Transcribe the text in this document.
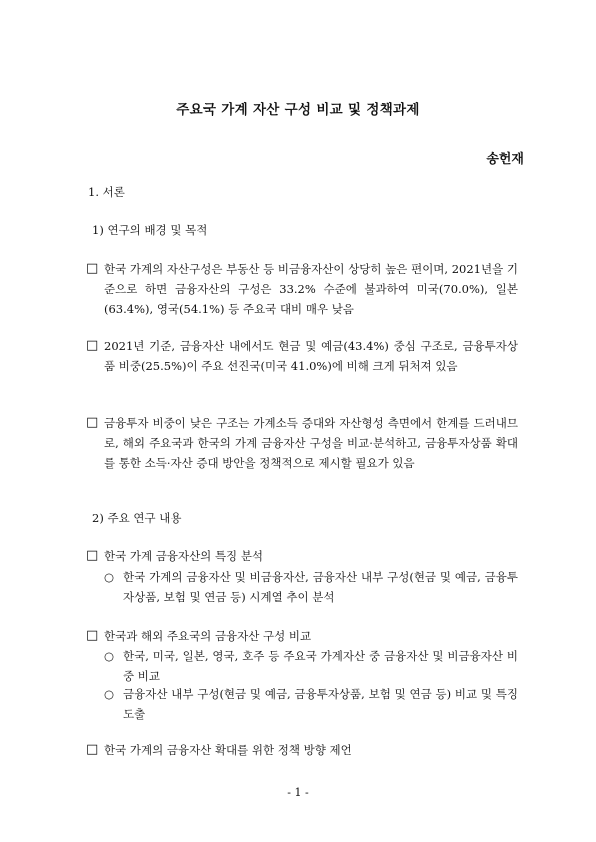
주요국 가계 자산 구성 비교 및 정책과제
송헌재
1. 서론
1) 연구의 배경 및 목적
□ 한국 가계의 자산구성은 부동산 등 비금융자산이 상당히 높은 편이며, 2021년을 기준으로 하면 금융자산의 구성은 33.2% 수준에 불과하여 미국(70.0%), 일본(63.4%), 영국(54.1%) 등 주요국 대비 매우 낮음
□ 2021년 기준, 금융자산 내에서도 현금 및 예금(43.4%) 중심 구조로, 금융투자상품 비중(25.5%)이 주요 선진국(미국 41.0%)에 비해 크게 뒤처져 있음
□ 금융투자 비중이 낮은 구조는 가계소득 증대와 자산형성 측면에서 한계를 드러내므로, 해외 주요국과 한국의 가계 금융자산 구성을 비교·분석하고, 금융투자상품 확대를 통한 소득·자산 증대 방안을 정책적으로 제시할 필요가 있음
2) 주요 연구 내용
□ 한국 가계 금융자산의 특징 분석
○ 한국 가계의 금융자산 및 비금융자산, 금융자산 내부 구성(현금 및 예금, 금융투자상품, 보험 및 연금 등) 시계열 추이 분석
□ 한국과 해외 주요국의 금융자산 구성 비교
○ 한국, 미국, 일본, 영국, 호주 등 주요국 가계자산 중 금융자산 및 비금융자산 비중 비교
○ 금융자산 내부 구성(현금 및 예금, 금융투자상품, 보험 및 연금 등) 비교 및 특징 도출
□ 한국 가계의 금융자산 확대를 위한 정책 방향 제언
- 1 -
